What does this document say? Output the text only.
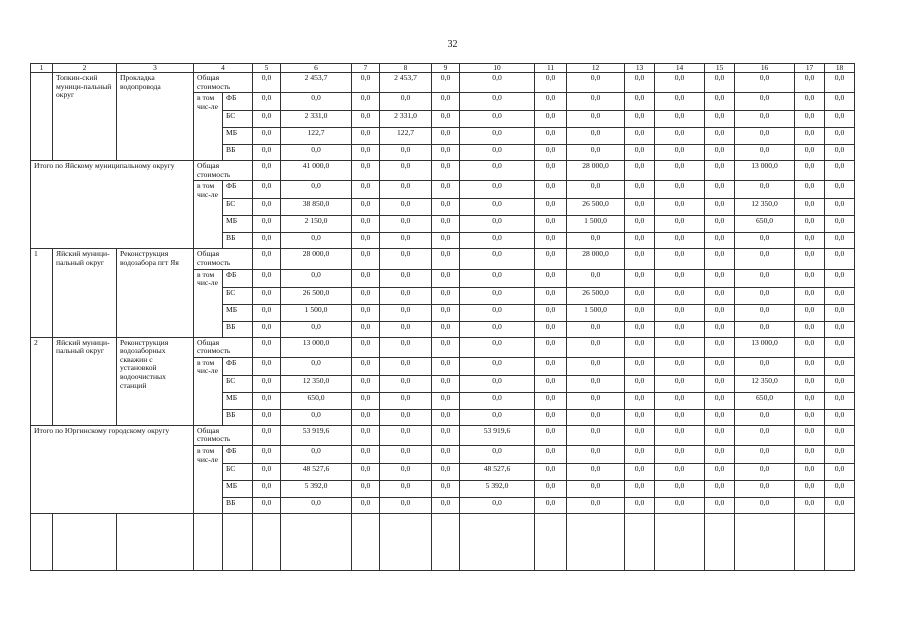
32
1	2	3	4		5	6	7	8	9	10	11	12	13	14	15	16	17	18
	Топкин-ский муници-пальный округ	Прокладка водопровода	Общая стоимость		0,0	2 453,7	0,0	2 453,7	0,0	0,0	0,0	0,0	0,0	0,0	0,0	0,0	0,0	0,0
			в том чис-ле	ФБ	0,0	0,0	0,0	0,0	0,0	0,0	0,0	0,0	0,0	0,0	0,0	0,0	0,0	0,0
				БС	0,0	2 331,0	0,0	2 331,0	0,0	0,0	0,0	0,0	0,0	0,0	0,0	0,0	0,0	0,0
				МБ	0,0	122,7	0,0	122,7	0,0	0,0	0,0	0,0	0,0	0,0	0,0	0,0	0,0	0,0
				ВБ	0,0	0,0	0,0	0,0	0,0	0,0	0,0	0,0	0,0	0,0	0,0	0,0	0,0	0,0
Итого по Яйскому муниципальному округу			Общая стоимость		0,0	41 000,0	0,0	0,0	0,0	0,0	0,0	28 000,0	0,0	0,0	0,0	13 000,0	0,0	0,0
			в том чис-ле	ФБ	0,0	0,0	0,0	0,0	0,0	0,0	0,0	0,0	0,0	0,0	0,0	0,0	0,0	0,0
				БС	0,0	38 850,0	0,0	0,0	0,0	0,0	0,0	26 500,0	0,0	0,0	0,0	12 350,0	0,0	0,0
				МБ	0,0	2 150,0	0,0	0,0	0,0	0,0	0,0	1 500,0	0,0	0,0	0,0	650,0	0,0	0,0
				ВБ	0,0	0,0	0,0	0,0	0,0	0,0	0,0	0,0	0,0	0,0	0,0	0,0	0,0	0,0
1	Яйский муници-пальный округ	Реконструкция водозабора пгт Яя	Общая стоимость		0,0	28 000,0	0,0	0,0	0,0	0,0	0,0	28 000,0	0,0	0,0	0,0	0,0	0,0	0,0
			в том чис-ле	ФБ	0,0	0,0	0,0	0,0	0,0	0,0	0,0	0,0	0,0	0,0	0,0	0,0	0,0	0,0
				БС	0,0	26 500,0	0,0	0,0	0,0	0,0	0,0	26 500,0	0,0	0,0	0,0	0,0	0,0	0,0
				МБ	0,0	1 500,0	0,0	0,0	0,0	0,0	0,0	1 500,0	0,0	0,0	0,0	0,0	0,0	0,0
				ВБ	0,0	0,0	0,0	0,0	0,0	0,0	0,0	0,0	0,0	0,0	0,0	0,0	0,0	0,0
2	Яйский муници-пальный округ	Реконструкция водозаборных скважин с установкой водоочистных станций	Общая стоимость		0,0	13 000,0	0,0	0,0	0,0	0,0	0,0	0,0	0,0	0,0	0,0	13 000,0	0,0	0,0
			в том чис-ле	ФБ	0,0	0,0	0,0	0,0	0,0	0,0	0,0	0,0	0,0	0,0	0,0	0,0	0,0	0,0
				БС	0,0	12 350,0	0,0	0,0	0,0	0,0	0,0	0,0	0,0	0,0	0,0	12 350,0	0,0	0,0
				МБ	0,0	650,0	0,0	0,0	0,0	0,0	0,0	0,0	0,0	0,0	0,0	650,0	0,0	0,0
				ВБ	0,0	0,0	0,0	0,0	0,0	0,0	0,0	0,0	0,0	0,0	0,0	0,0	0,0	0,0
Итого по Юргинскому городскому округу			Общая стоимость		0,0	53 919,6	0,0	0,0	0,0	53 919,6	0,0	0,0	0,0	0,0	0,0	0,0	0,0	0,0
			в том чис-ле	ФБ	0,0	0,0	0,0	0,0	0,0	0,0	0,0	0,0	0,0	0,0	0,0	0,0	0,0	0,0
				БС	0,0	48 527,6	0,0	0,0	0,0	48 527,6	0,0	0,0	0,0	0,0	0,0	0,0	0,0	0,0
				МБ	0,0	5 392,0	0,0	0,0	0,0	5 392,0	0,0	0,0	0,0	0,0	0,0	0,0	0,0	0,0
				ВБ	0,0	0,0	0,0	0,0	0,0	0,0	0,0	0,0	0,0	0,0	0,0	0,0	0,0	0,0
